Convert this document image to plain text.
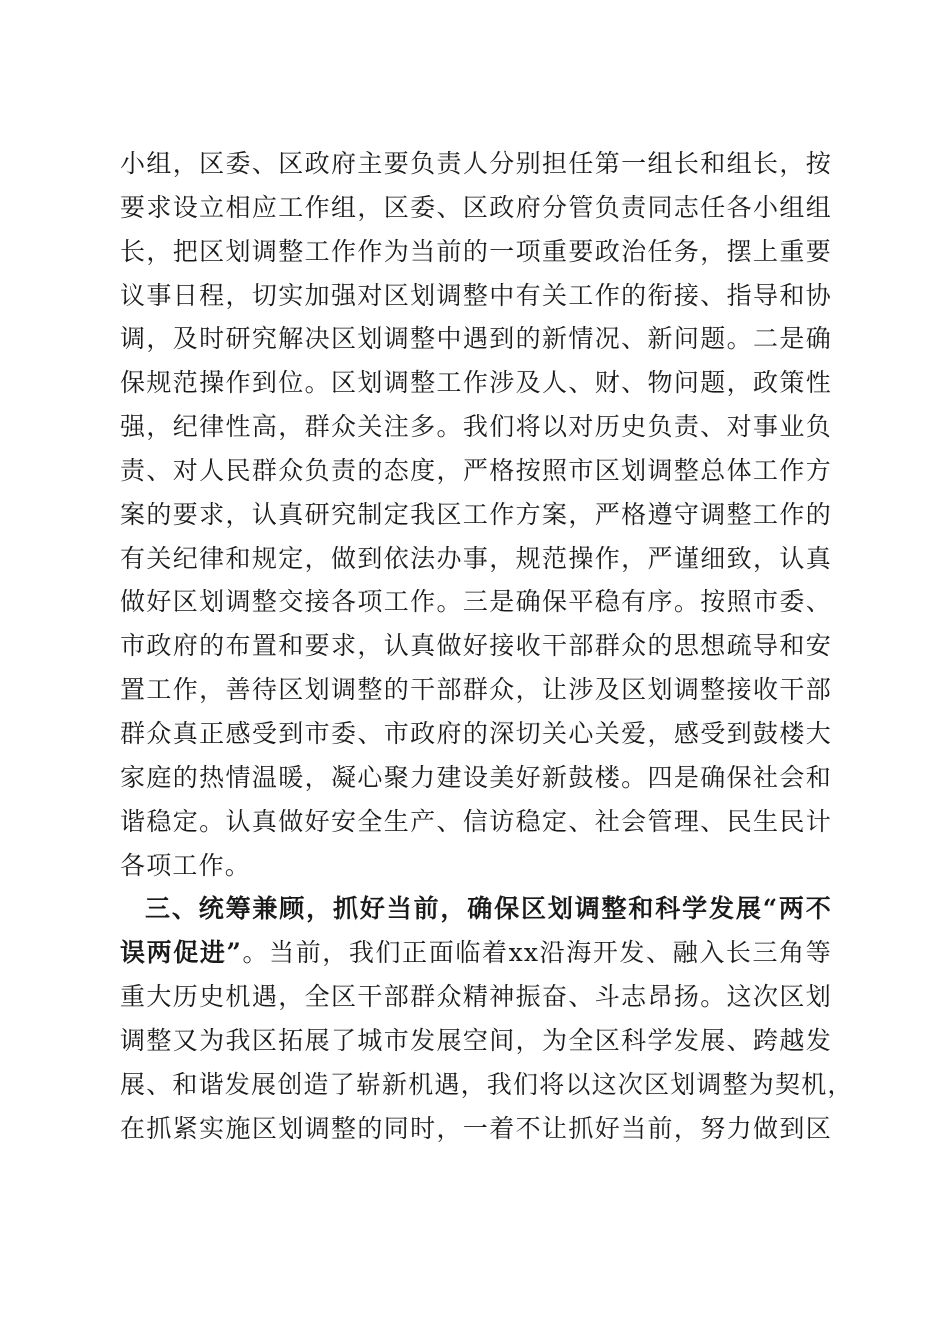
小组，区委、区政府主要负责人分别担任第一组长和组长，按
要求设立相应工作组，区委、区政府分管负责同志任各小组组
长，把区划调整工作作为当前的一项重要政治任务，摆上重要
议事日程，切实加强对区划调整中有关工作的衔接、指导和协
调，及时研究解决区划调整中遇到的新情况、新问题。二是确
保规范操作到位。区划调整工作涉及人、财、物问题，政策性
强，纪律性高，群众关注多。我们将以对历史负责、对事业负
责、对人民群众负责的态度，严格按照市区划调整总体工作方
案的要求，认真研究制定我区工作方案，严格遵守调整工作的
有关纪律和规定，做到依法办事，规范操作，严谨细致，认真
做好区划调整交接各项工作。三是确保平稳有序。按照市委、
市政府的布置和要求，认真做好接收干部群众的思想疏导和安
置工作，善待区划调整的干部群众，让涉及区划调整接收干部
群众真正感受到市委、市政府的深切关心关爱，感受到鼓楼大
家庭的热情温暖，凝心聚力建设美好新鼓楼。四是确保社会和
谐稳定。认真做好安全生产、信访稳定、社会管理、民生民计
各项工作。
三、统筹兼顾，抓好当前，确保区划调整和科学发展“两不
误两促进”。当前，我们正面临着xx沿海开发、融入长三角等
重大历史机遇，全区干部群众精神振奋、斗志昂扬。这次区划
调整又为我区拓展了城市发展空间，为全区科学发展、跨越发
展、和谐发展创造了崭新机遇，我们将以这次区划调整为契机，
在抓紧实施区划调整的同时，一着不让抓好当前，努力做到区
